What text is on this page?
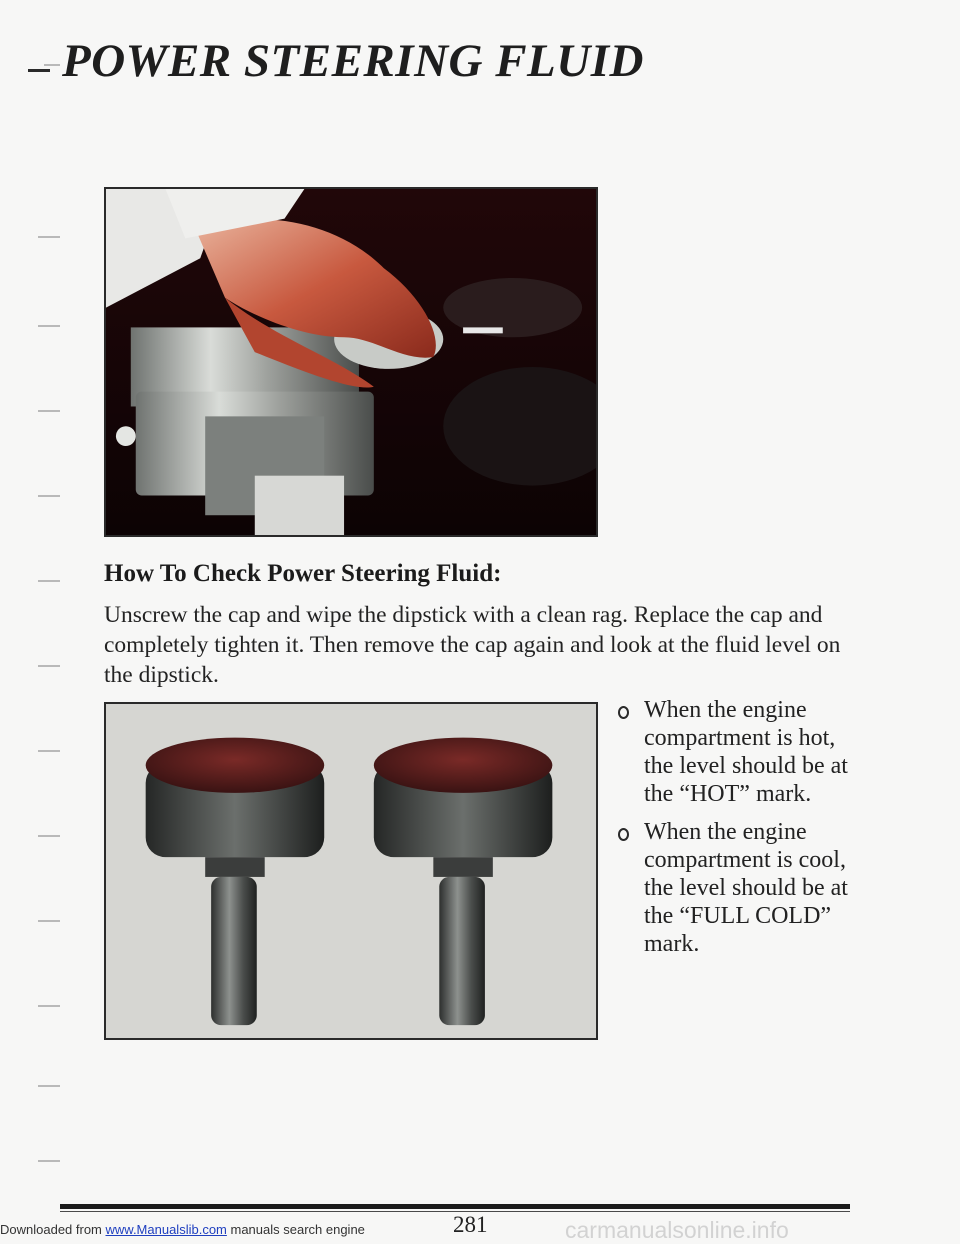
POWER STEERING FLUID
How To Check Power Steering Fluid:

Unscrew the cap and wipe the dipstick with a clean rag. Replace the cap and completely tighten it. Then remove the cap again and look at the fluid level on the dipstick.

When the engine compartment is hot, the level should be at the “HOT” mark.
When the engine compartment is cool, the level should be at the “FULL COLD” mark.
281
Downloaded from www.Manualslib.com manuals search engine	carmanualsonline.info
